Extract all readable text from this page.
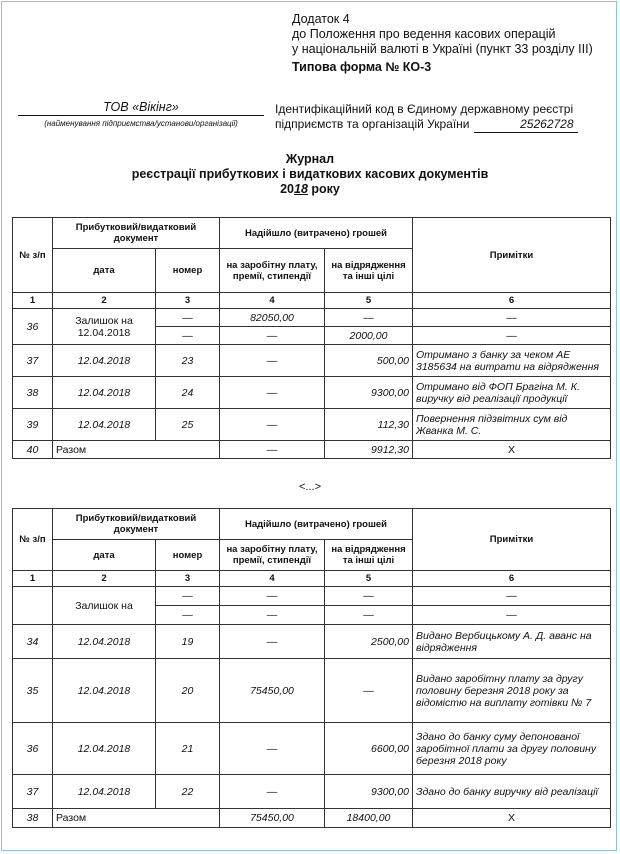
Додаток 4
до Положення про ведення касових операцій
у національній валюті в Україні (пункт 33 розділу III)
Типова форма № КО-3
ТОВ «Вікінг»
(найменування підприємства/установи/організації)
Ідентифікаційний код в Єдиному державному реєстрі
підприємств та організацій України	25262728
Журнал
реєстрації прибуткових і видаткових касових документів
2018 року
№ з/п	Прибутковий/видатковий документ		Надійшло (витрачено) грошей		Примітки
	дата	номер	на заробітну плату, премії, стипендії	на відрядження та інші цілі	
1	2	3	4	5	6
36	Залишок на 12.04.2018	—	82050,00	—	—
		—	—	2000,00	—
37	12.04.2018	23	—	500,00	Отримано з банку за чеком АЕ 3185634 на витрати на відрядження
38	12.04.2018	24	—	9300,00	Отримано від ФОП Брагіна М. К. виручку від реалізації продукції
39	12.04.2018	25	—	112,30	Повернення підзвітних сум від Жванка М. С.
40	Разом		—	9912,30	Х
<...>
№ з/п	Прибутковий/видатковий документ		Надійшло (витрачено) грошей		Примітки
	дата	номер	на заробітну плату, премії, стипендії	на відрядження та інші цілі	
1	2	3	4	5	6
	Залишок на	—	—	—	—
		—	—	—	—
34	12.04.2018	19	—	2500,00	Видано Вербицькому А. Д. аванс на відрядження
35	12.04.2018	20	75450,00	—	Видано заробітну плату за другу половину березня 2018 року за відомістю на виплату готівки № 7
36	12.04.2018	21	—	6600,00	Здано до банку суму депонованої заробітної плати за другу половину березня 2018 року
37	12.04.2018	22	—	9300,00	Здано до банку виручку від реалізації
38	Разом		75450,00	18400,00	Х
